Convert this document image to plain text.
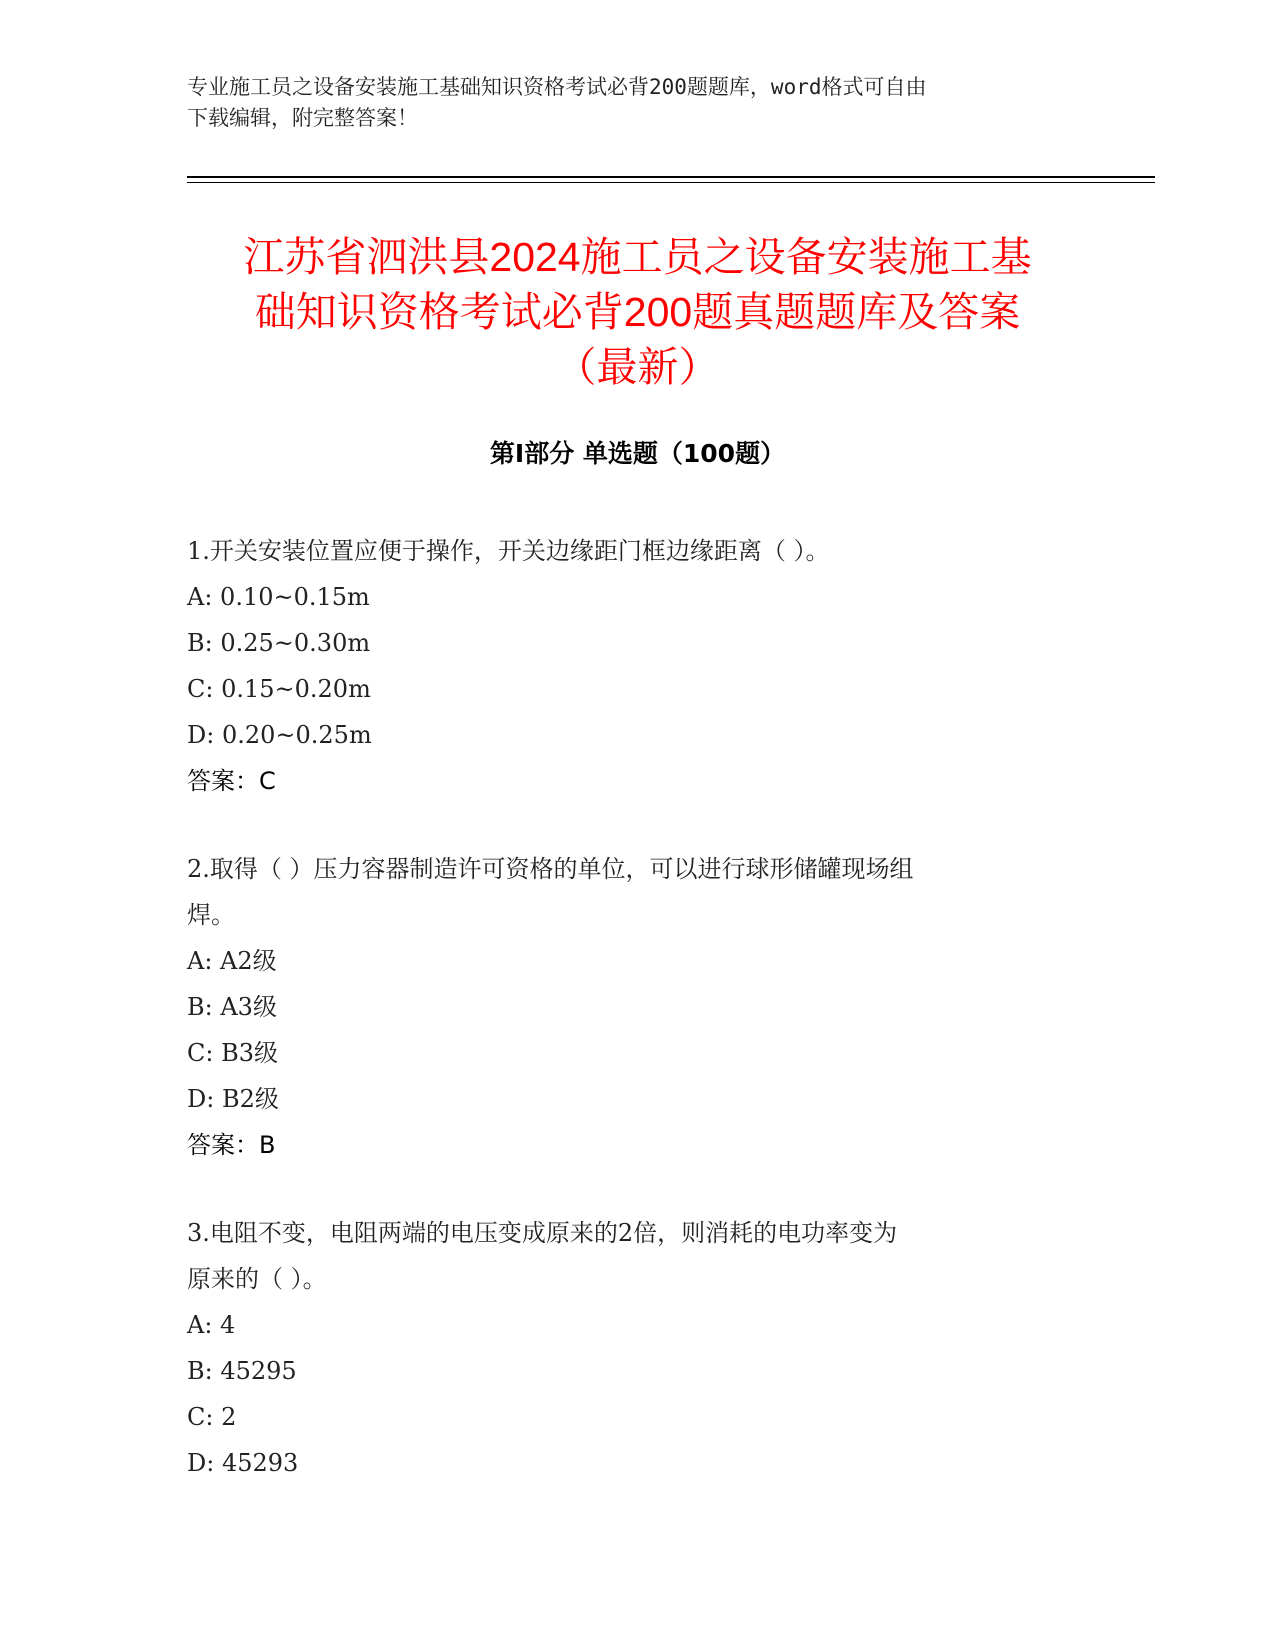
专业施工员之设备安装施工基础知识资格考试必背200题题库，word格式可自由
下载编辑，附完整答案！
江苏省泗洪县2024施工员之设备安装施工基
础知识资格考试必背200题真题题库及答案
（最新）
第Ⅰ部分 单选题（100题）

1.开关安装位置应便于操作，开关边缘距门框边缘距离（ ）。

A: 0.10~0.15m

B: 0.25~0.30m

C: 0.15~0.20m

D: 0.20~0.25m

答案：C

2.取得（ ）压力容器制造许可资格的单位，可以进行球形储罐现场组

焊。

A: A2级

B: A3级

C: B3级

D: B2级

答案：B

3.电阻不变，电阻两端的电压变成原来的2倍，则消耗的电功率变为

原来的（ ）。

A: 4

B: 45295

C: 2

D: 45293
